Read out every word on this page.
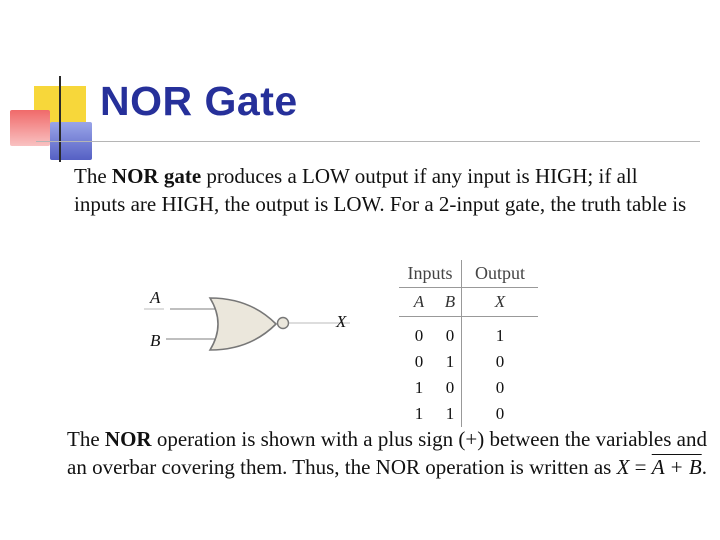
NOR Gate

The NOR gate produces a LOW output if any input is HIGH; if all inputs are HIGH, the output is LOW. For a 2-input gate, the truth table is

A
B
X
Inputs		Output
A	B	X
0	0	1
0	1	0
1	0	0
1	1	0

The NOR operation is shown with a plus sign (+) between the variables and an overbar covering them. Thus, the NOR operation is written as X = A + B.
